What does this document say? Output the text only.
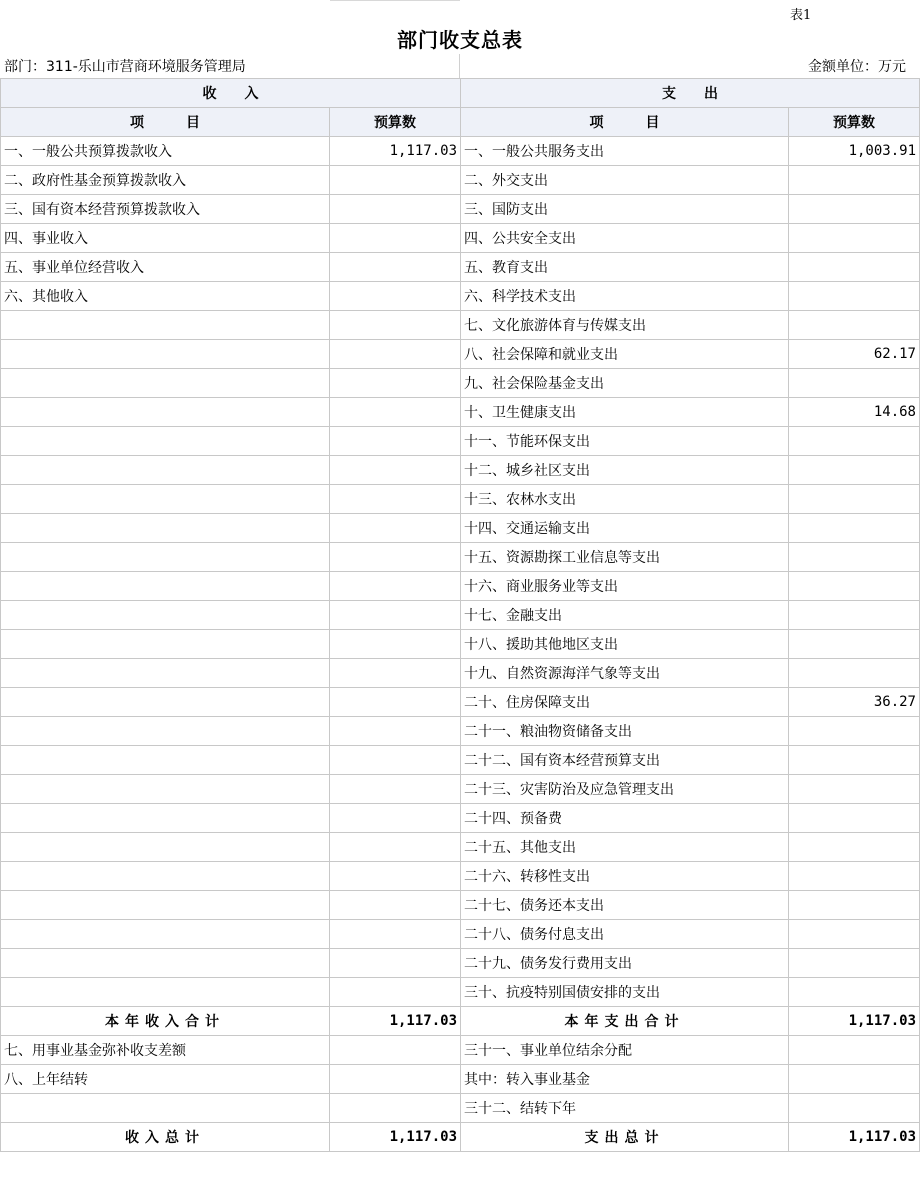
表1
部门收支总表
部门：311-乐山市营商环境服务管理局	金额单位：万元
收　　入		支　　出	
项　　　目	预算数	项　　　目	预算数
一、一般公共预算拨款收入	1,117.03	一、一般公共服务支出	1,003.91
二、政府性基金预算拨款收入		二、外交支出	
三、国有资本经营预算拨款收入		三、国防支出	
四、事业收入		四、公共安全支出	
五、事业单位经营收入		五、教育支出	
六、其他收入		六、科学技术支出	
		七、文化旅游体育与传媒支出	
		八、社会保障和就业支出	62.17
		九、社会保险基金支出	
		十、卫生健康支出	14.68
		十一、节能环保支出	
		十二、城乡社区支出	
		十三、农林水支出	
		十四、交通运输支出	
		十五、资源勘探工业信息等支出	
		十六、商业服务业等支出	
		十七、金融支出	
		十八、援助其他地区支出	
		十九、自然资源海洋气象等支出	
		二十、住房保障支出	36.27
		二十一、粮油物资储备支出	
		二十二、国有资本经营预算支出	
		二十三、灾害防治及应急管理支出	
		二十四、预备费	
		二十五、其他支出	
		二十六、转移性支出	
		二十七、债务还本支出	
		二十八、债务付息支出	
		二十九、债务发行费用支出	
		三十、抗疫特别国债安排的支出	
本年收入合计	1,117.03	本年支出合计	1,117.03
七、用事业基金弥补收支差额		三十一、事业单位结余分配	
八、上年结转		其中：转入事业基金	
		三十二、结转下年	
收入总计	1,117.03	支出总计	1,117.03
